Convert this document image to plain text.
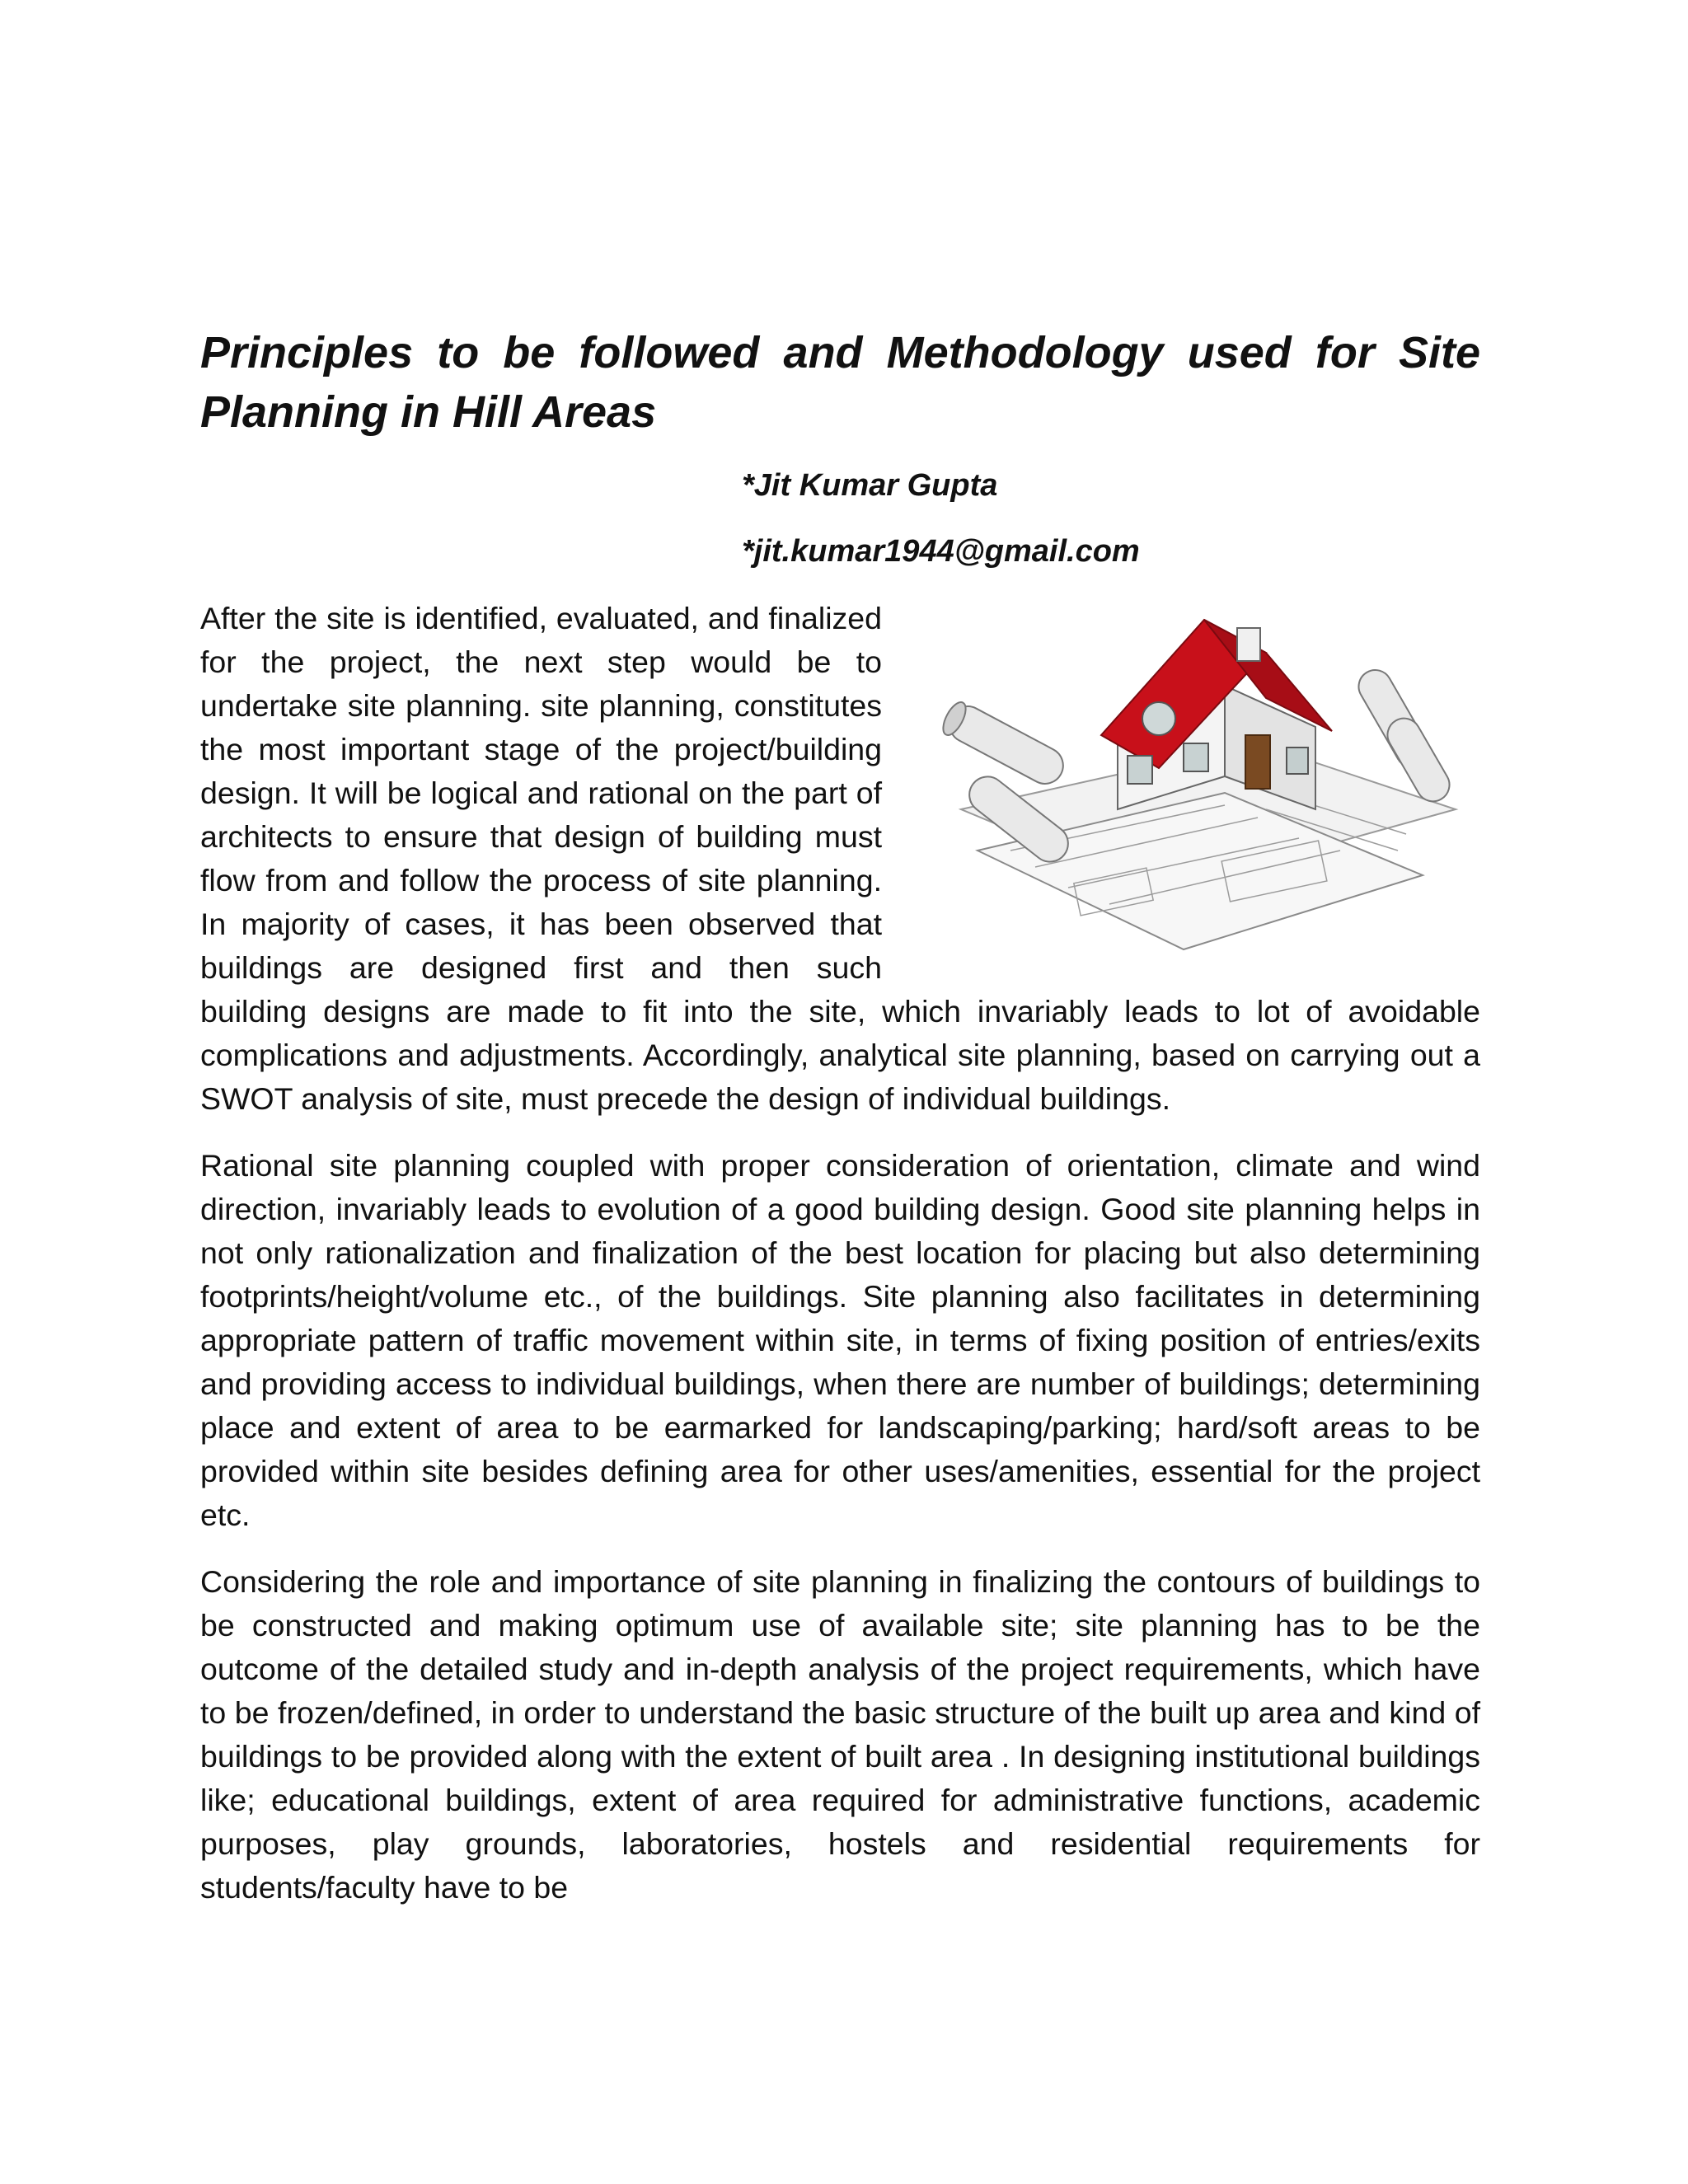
Principles to be followed and Methodology used for Site Planning in Hill Areas

*Jit Kumar Gupta

*jit.kumar1944@gmail.com

After the site is identified, evaluated, and finalized for the project, the next step would be to undertake site planning. site planning, constitutes the most important stage of the project/building design. It will be logical and rational on the part of architects to ensure that design of building must flow from and follow the process of site planning. In majority of cases, it has been observed that buildings are designed first and then such building designs are made to fit into the site, which invariably leads to lot of avoidable complications and adjustments. Accordingly, analytical site planning, based on carrying out a SWOT analysis of site, must precede the design of individual buildings.

Rational site planning coupled with proper consideration of orientation, climate and wind direction, invariably leads to evolution of a good building design. Good site planning helps in not only rationalization and finalization of the best location for placing but also determining footprints/height/volume etc., of the buildings. Site planning also facilitates in determining appropriate pattern of traffic movement within site, in terms of fixing position of entries/exits and providing access to individual buildings, when there are number of buildings; determining place and extent of area to be earmarked for landscaping/parking; hard/soft areas to be provided within site besides defining area for other uses/amenities, essential for the project etc.

Considering the role and importance of site planning in finalizing the contours of buildings to be constructed and making optimum use of available site; site planning has to be the outcome of the detailed study and in-depth analysis of the project requirements, which have to be frozen/defined, in order to understand the basic structure of the built up area and kind of buildings to be provided along with the extent of built area . In designing institutional buildings like; educational buildings, extent of area required for administrative functions, academic purposes, play grounds, laboratories, hostels and residential requirements for students/faculty have to be
